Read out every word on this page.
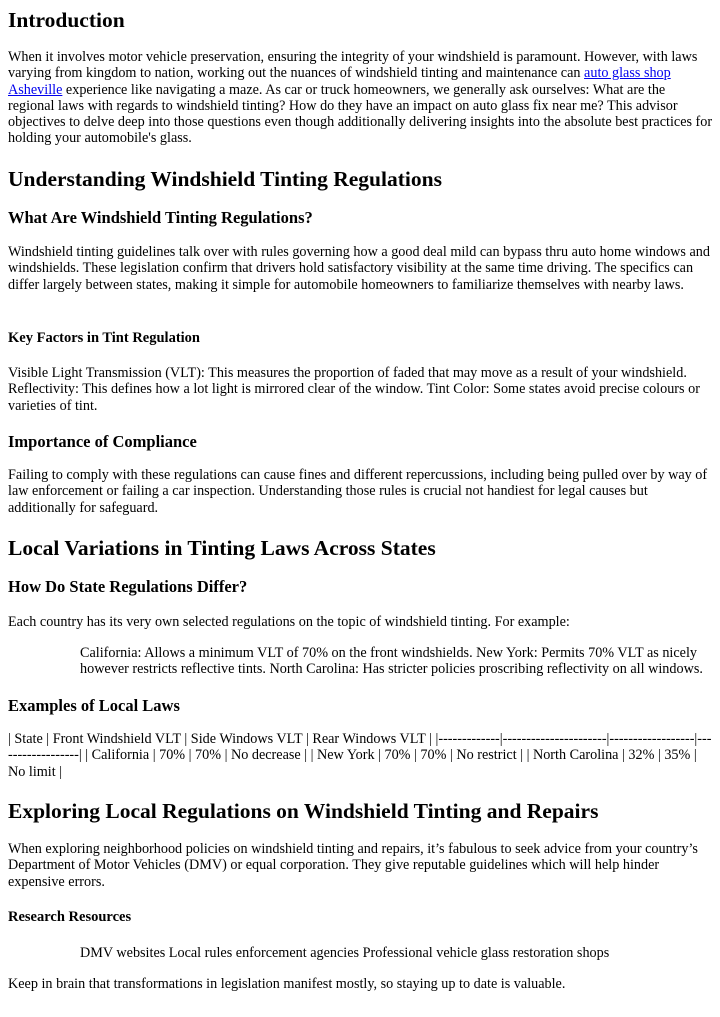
Introduction

When it involves motor vehicle preservation, ensuring the integrity of your windshield is paramount. However, with laws varying from kingdom to nation, working out the nuances of windshield tinting and maintenance can auto glass shop Asheville experience like navigating a maze. As car or truck homeowners, we generally ask ourselves: What are the regional laws with regards to windshield tinting? How do they have an impact on auto glass fix near me? This advisor objectives to delve deep into those questions even though additionally delivering insights into the absolute best practices for holding your automobile's glass.

Understanding Windshield Tinting Regulations
What Are Windshield Tinting Regulations?

Windshield tinting guidelines talk over with rules governing how a good deal mild can bypass thru auto home windows and windshields. These legislation confirm that drivers hold satisfactory visibility at the same time driving. The specifics can differ largely between states, making it simple for automobile homeowners to familiarize themselves with nearby laws.

Key Factors in Tint Regulation

Visible Light Transmission (VLT): This measures the proportion of faded that may move as a result of your windshield. Reflectivity: This defines how a lot light is mirrored clear of the window. Tint Color: Some states avoid precise colours or varieties of tint.

Importance of Compliance

Failing to comply with these regulations can cause fines and different repercussions, including being pulled over by way of law enforcement or failing a car inspection. Understanding those rules is crucial not handiest for legal causes but additionally for safeguard.

Local Variations in Tinting Laws Across States
How Do State Regulations Differ?

Each country has its very own selected regulations on the topic of windshield tinting. For example:

California: Allows a minimum VLT of 70% on the front windshields. New York: Permits 70% VLT as nicely however restricts reflective tints. North Carolina: Has stricter policies proscribing reflectivity on all windows.

Examples of Local Laws

| State | Front Windshield VLT | Side Windows VLT | Rear Windows VLT | |-------------|----------------------|------------------|------------------| | California | 70% | 70% | No decrease | | New York | 70% | 70% | No restrict | | North Carolina | 32% | 35% | No limit |

Exploring Local Regulations on Windshield Tinting and Repairs

When exploring neighborhood policies on windshield tinting and repairs, it’s fabulous to seek advice from your country’s Department of Motor Vehicles (DMV) or equal corporation. They give reputable guidelines which will help hinder expensive errors.

Research Resources

DMV websites Local rules enforcement agencies Professional vehicle glass restoration shops

Keep in brain that transformations in legislation manifest mostly, so staying up to date is valuable.
